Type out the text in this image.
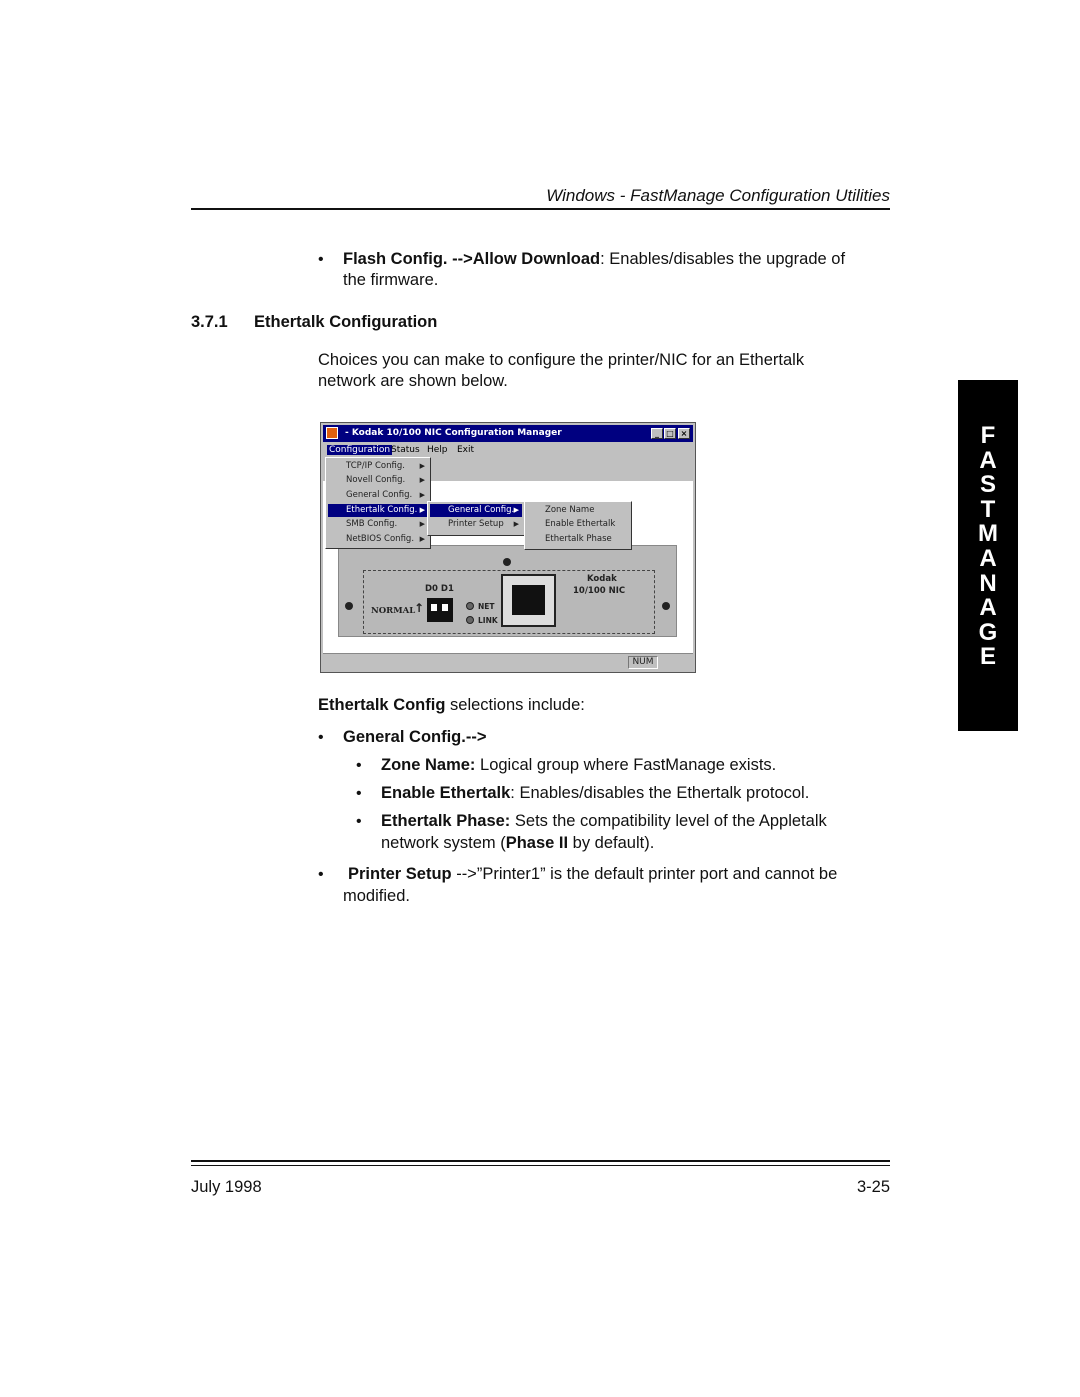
Windows - FastManage Configuration Utilities
• Flash Config. -->Allow Download: Enables/disables the upgrade of
the firmware.
3.7.1 Ethertalk Configuration
Choices you can make to configure the printer/NIC for an Ethertalk
network are shown below.
- Kodak 10/100 NIC Configuration Manager	_ □ ×
Configuration Status Help Exit
D0 D1
NORMAL
↑	NET
LINK
Kodak
10/100 NIC
TCP/IP Config. ▶
Novell Config. ▶
General Config. ▶
Ethertalk Config. ▶
SMB Config.	▶
NetBIOS Config. ▶
General Config. ▶
Printer Setup ▶
Zone Name
Enable Ethertalk
Ethertalk Phase
NUM
Ethertalk Config selections include:
• General Config.-->
• Zone Name: Logical group where FastManage exists.
• Enable Ethertalk: Enables/disables the Ethertalk protocol.
• Ethertalk Phase: Sets the compatibility level of the Appletalk
network system (Phase II by default).
• Printer Setup -->”Printer1” is the default printer port and cannot be
modified.
F
A
S
T
M
A
N
A
G
E
July 1998	3-25
